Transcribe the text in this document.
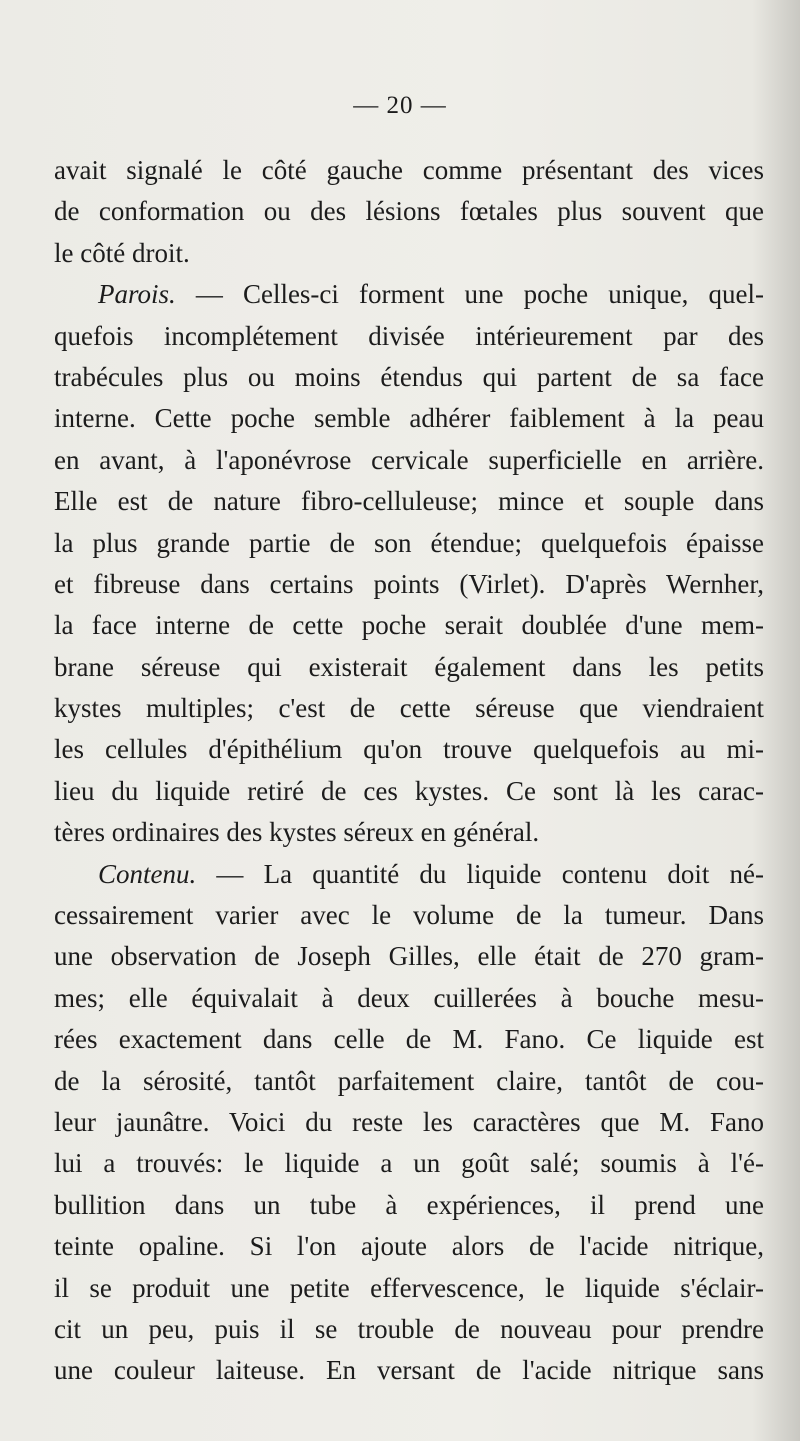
— 20 —
avait signalé le côté gauche comme présentant des vices
de conformation ou des lésions fœtales plus souvent que
le côté droit.
Parois. — Celles-ci forment une poche unique, quel-
quefois incomplétement divisée intérieurement par des
trabécules plus ou moins étendus qui partent de sa face
interne. Cette poche semble adhérer faiblement à la peau
en avant, à l'aponévrose cervicale superficielle en arrière.
Elle est de nature fibro-celluleuse; mince et souple dans
la plus grande partie de son étendue; quelquefois épaisse
et fibreuse dans certains points (Virlet). D'après Wernher,
la face interne de cette poche serait doublée d'une mem-
brane séreuse qui existerait également dans les petits
kystes multiples; c'est de cette séreuse que viendraient
les cellules d'épithélium qu'on trouve quelquefois au mi-
lieu du liquide retiré de ces kystes. Ce sont là les carac-
tères ordinaires des kystes séreux en général.
Contenu. — La quantité du liquide contenu doit né-
cessairement varier avec le volume de la tumeur. Dans
une observation de Joseph Gilles, elle était de 270 gram-
mes; elle équivalait à deux cuillerées à bouche mesu-
rées exactement dans celle de M. Fano. Ce liquide est
de la sérosité, tantôt parfaitement claire, tantôt de cou-
leur jaunâtre. Voici du reste les caractères que M. Fano
lui a trouvés: le liquide a un goût salé; soumis à l'é-
bullition dans un tube à expériences, il prend une
teinte opaline. Si l'on ajoute alors de l'acide nitrique,
il se produit une petite effervescence, le liquide s'éclair-
cit un peu, puis il se trouble de nouveau pour prendre
une couleur laiteuse. En versant de l'acide nitrique sans
